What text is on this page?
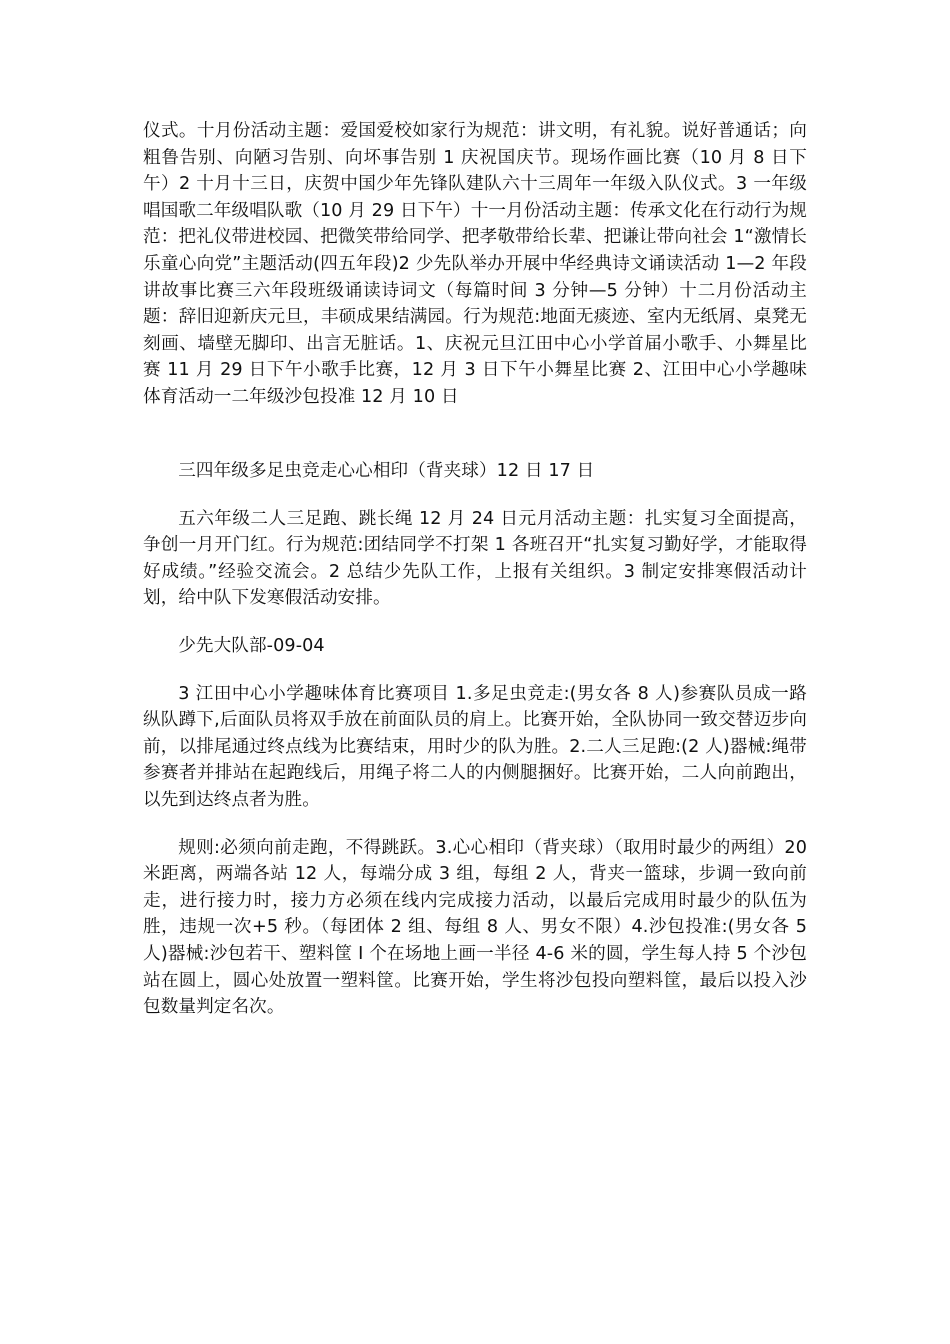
仪式。十月份活动主题：爱国爱校如家行为规范：讲文明，有礼貌。说好普通话；向粗鲁告别、向陋习告别、向坏事告别 1 庆祝国庆节。现场作画比赛（10 月 8 日下午）2 十月十三日，庆贺中国少年先锋队建队六十三周年一年级入队仪式。3 一年级唱国歌二年级唱队歌（10 月 29 日下午）十一月份活动主题：传承文化在行动行为规范：把礼仪带进校园、把微笑带给同学、把孝敬带给长辈、把谦让带向社会 1“激情长乐童心向党”主题活动(四五年段)2 少先队举办开展中华经典诗文诵读活动 1—2 年段讲故事比赛三六年段班级诵读诗词文（每篇时间 3 分钟—5 分钟）十二月份活动主题：辞旧迎新庆元旦，丰硕成果结满园。行为规范:地面无痰迹、室内无纸屑、桌凳无刻画、墙壁无脚印、出言无脏话。1、庆祝元旦江田中心小学首届小歌手、小舞星比赛 11 月 29 日下午小歌手比赛，12 月 3 日下午小舞星比赛 2、江田中心小学趣味体育活动一二年级沙包投准 12 月 10 日

三四年级多足虫竞走心心相印（背夹球）12 日 17 日

五六年级二人三足跑、跳长绳 12 月 24 日元月活动主题：扎实复习全面提高，争创一月开门红。行为规范:团结同学不打架 1 各班召开“扎实复习勤好学，才能取得好成绩。”经验交流会。2 总结少先队工作，上报有关组织。3 制定安排寒假活动计划，给中队下发寒假活动安排。

少先大队部-09-04

3 江田中心小学趣味体育比赛项目 1.多足虫竞走:(男女各 8 人)参赛队员成一路纵队蹲下,后面队员将双手放在前面队员的肩上。比赛开始，全队协同一致交替迈步向前，以排尾通过终点线为比赛结束，用时少的队为胜。2.二人三足跑:(2 人)器械:绳带参赛者并排站在起跑线后，用绳子将二人的内侧腿捆好。比赛开始，二人向前跑出，以先到达终点者为胜。

规则:必须向前走跑，不得跳跃。3.心心相印（背夹球）（取用时最少的两组）20 米距离，两端各站 12 人，每端分成 3 组，每组 2 人，背夹一篮球，步调一致向前走，进行接力时，接力方必须在线内完成接力活动，以最后完成用时最少的队伍为胜，违规一次+5 秒。（每团体 2 组、每组 8 人、男女不限）4.沙包投准:(男女各 5 人)器械:沙包若干、塑料筐 I 个在场地上画一半径 4-6 米的圆，学生每人持 5 个沙包站在圆上，圆心处放置一塑料筐。比赛开始，学生将沙包投向塑料筐，最后以投入沙包数量判定名次。
